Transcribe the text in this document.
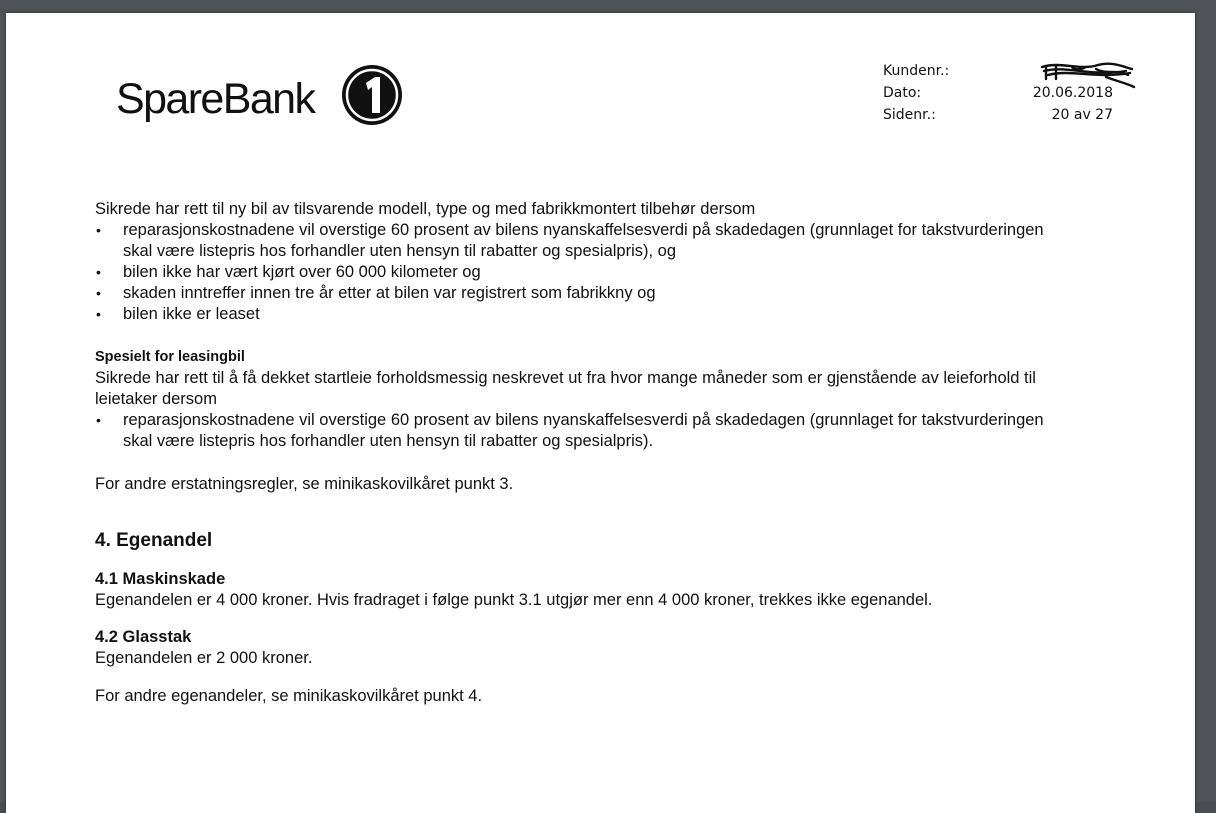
SpareBank
Kundenr.:
Dato:	20.06.2018
Sidenr.:	20 av 27

Sikrede har rett til ny bil av tilsvarende modell, type og med fabrikkmontert tilbehør dersom

• reparasjonskostnadene vil overstige 60 prosent av bilens nyanskaffelsesverdi på skadedagen (grunnlaget for takstvurderingen skal være listepris hos forhandler uten hensyn til rabatter og spesialpris), og
• bilen ikke har vært kjørt over 60 000 kilometer og
• skaden inntreffer innen tre år etter at bilen var registrert som fabrikkny og
• bilen ikke er leaset

Spesielt for leasingbil

Sikrede har rett til å få dekket startleie forholdsmessig neskrevet ut fra hvor mange måneder som er gjenstående av leieforhold til leietaker dersom

• reparasjonskostnadene vil overstige 60 prosent av bilens nyanskaffelsesverdi på skadedagen (grunnlaget for takstvurderingen skal være listepris hos forhandler uten hensyn til rabatter og spesialpris).

For andre erstatningsregler, se minikaskovilkåret punkt 3.

4. Egenandel

4.1 Maskinskade

Egenandelen er 4 000 kroner. Hvis fradraget i følge punkt 3.1 utgjør mer enn 4 000 kroner, trekkes ikke egenandel.

4.2 Glasstak

Egenandelen er 2 000 kroner.

For andre egenandeler, se minikaskovilkåret punkt 4.
